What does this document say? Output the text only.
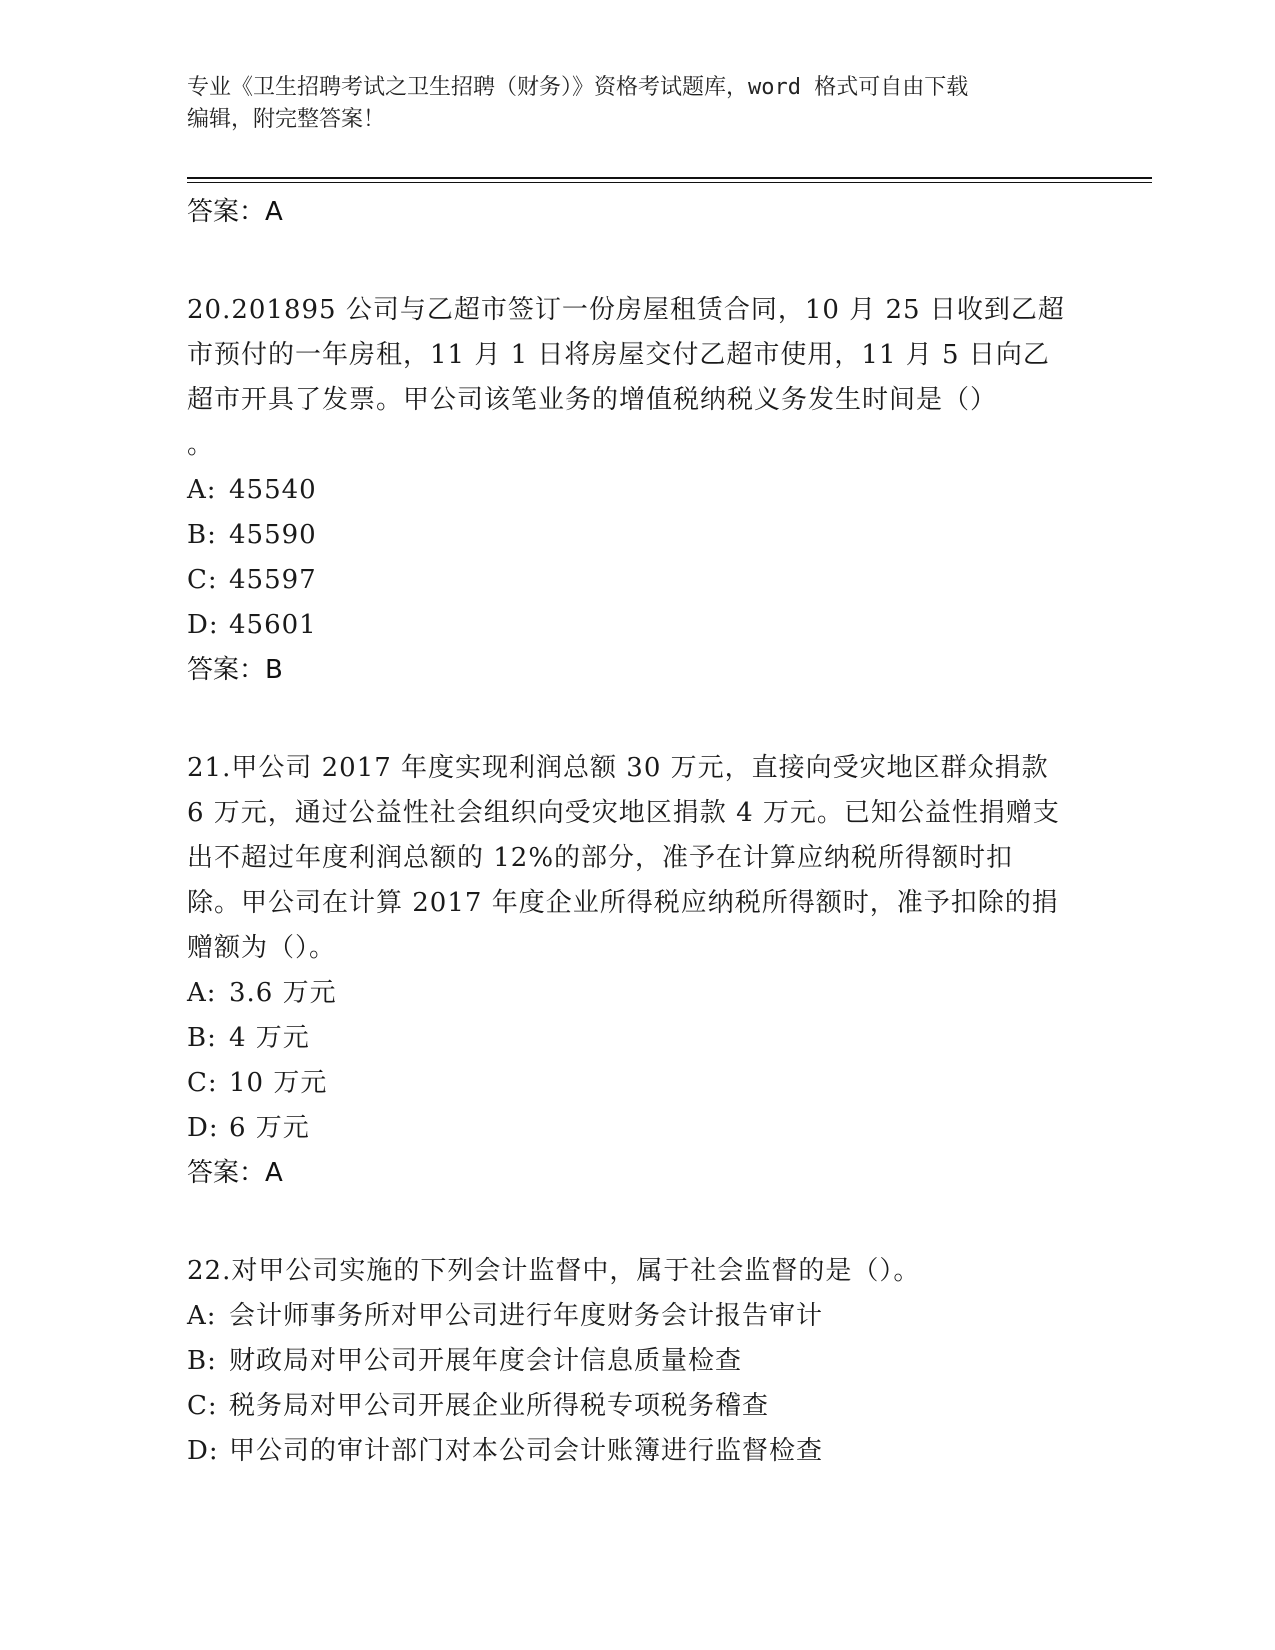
专业《卫生招聘考试之卫生招聘（财务）》资格考试题库，word 格式可自由下载
编辑，附完整答案！
答案：A
20.201895 公司与乙超市签订一份房屋租赁合同，10 月 25 日收到乙超市预付的一年房租，11 月 1 日将房屋交付乙超市使用，11 月 5 日向乙超市开具了发票。甲公司该笔业务的增值税纳税义务发生时间是（）
。
A: 45540
B: 45590
C: 45597
D: 45601
答案：B
21.甲公司 2017 年度实现利润总额 30 万元，直接向受灾地区群众捐款 6 万元，通过公益性社会组织向受灾地区捐款 4 万元。已知公益性捐赠支出不超过年度利润总额的 12%的部分，准予在计算应纳税所得额时扣除。甲公司在计算 2017 年度企业所得税应纳税所得额时，准予扣除的捐赠额为（）。
A: 3.6 万元
B: 4 万元
C: 10 万元
D: 6 万元
答案：A
22.对甲公司实施的下列会计监督中，属于社会监督的是（）。
A: 会计师事务所对甲公司进行年度财务会计报告审计
B: 财政局对甲公司开展年度会计信息质量检查
C: 税务局对甲公司开展企业所得税专项税务稽查
D: 甲公司的审计部门对本公司会计账簿进行监督检查
